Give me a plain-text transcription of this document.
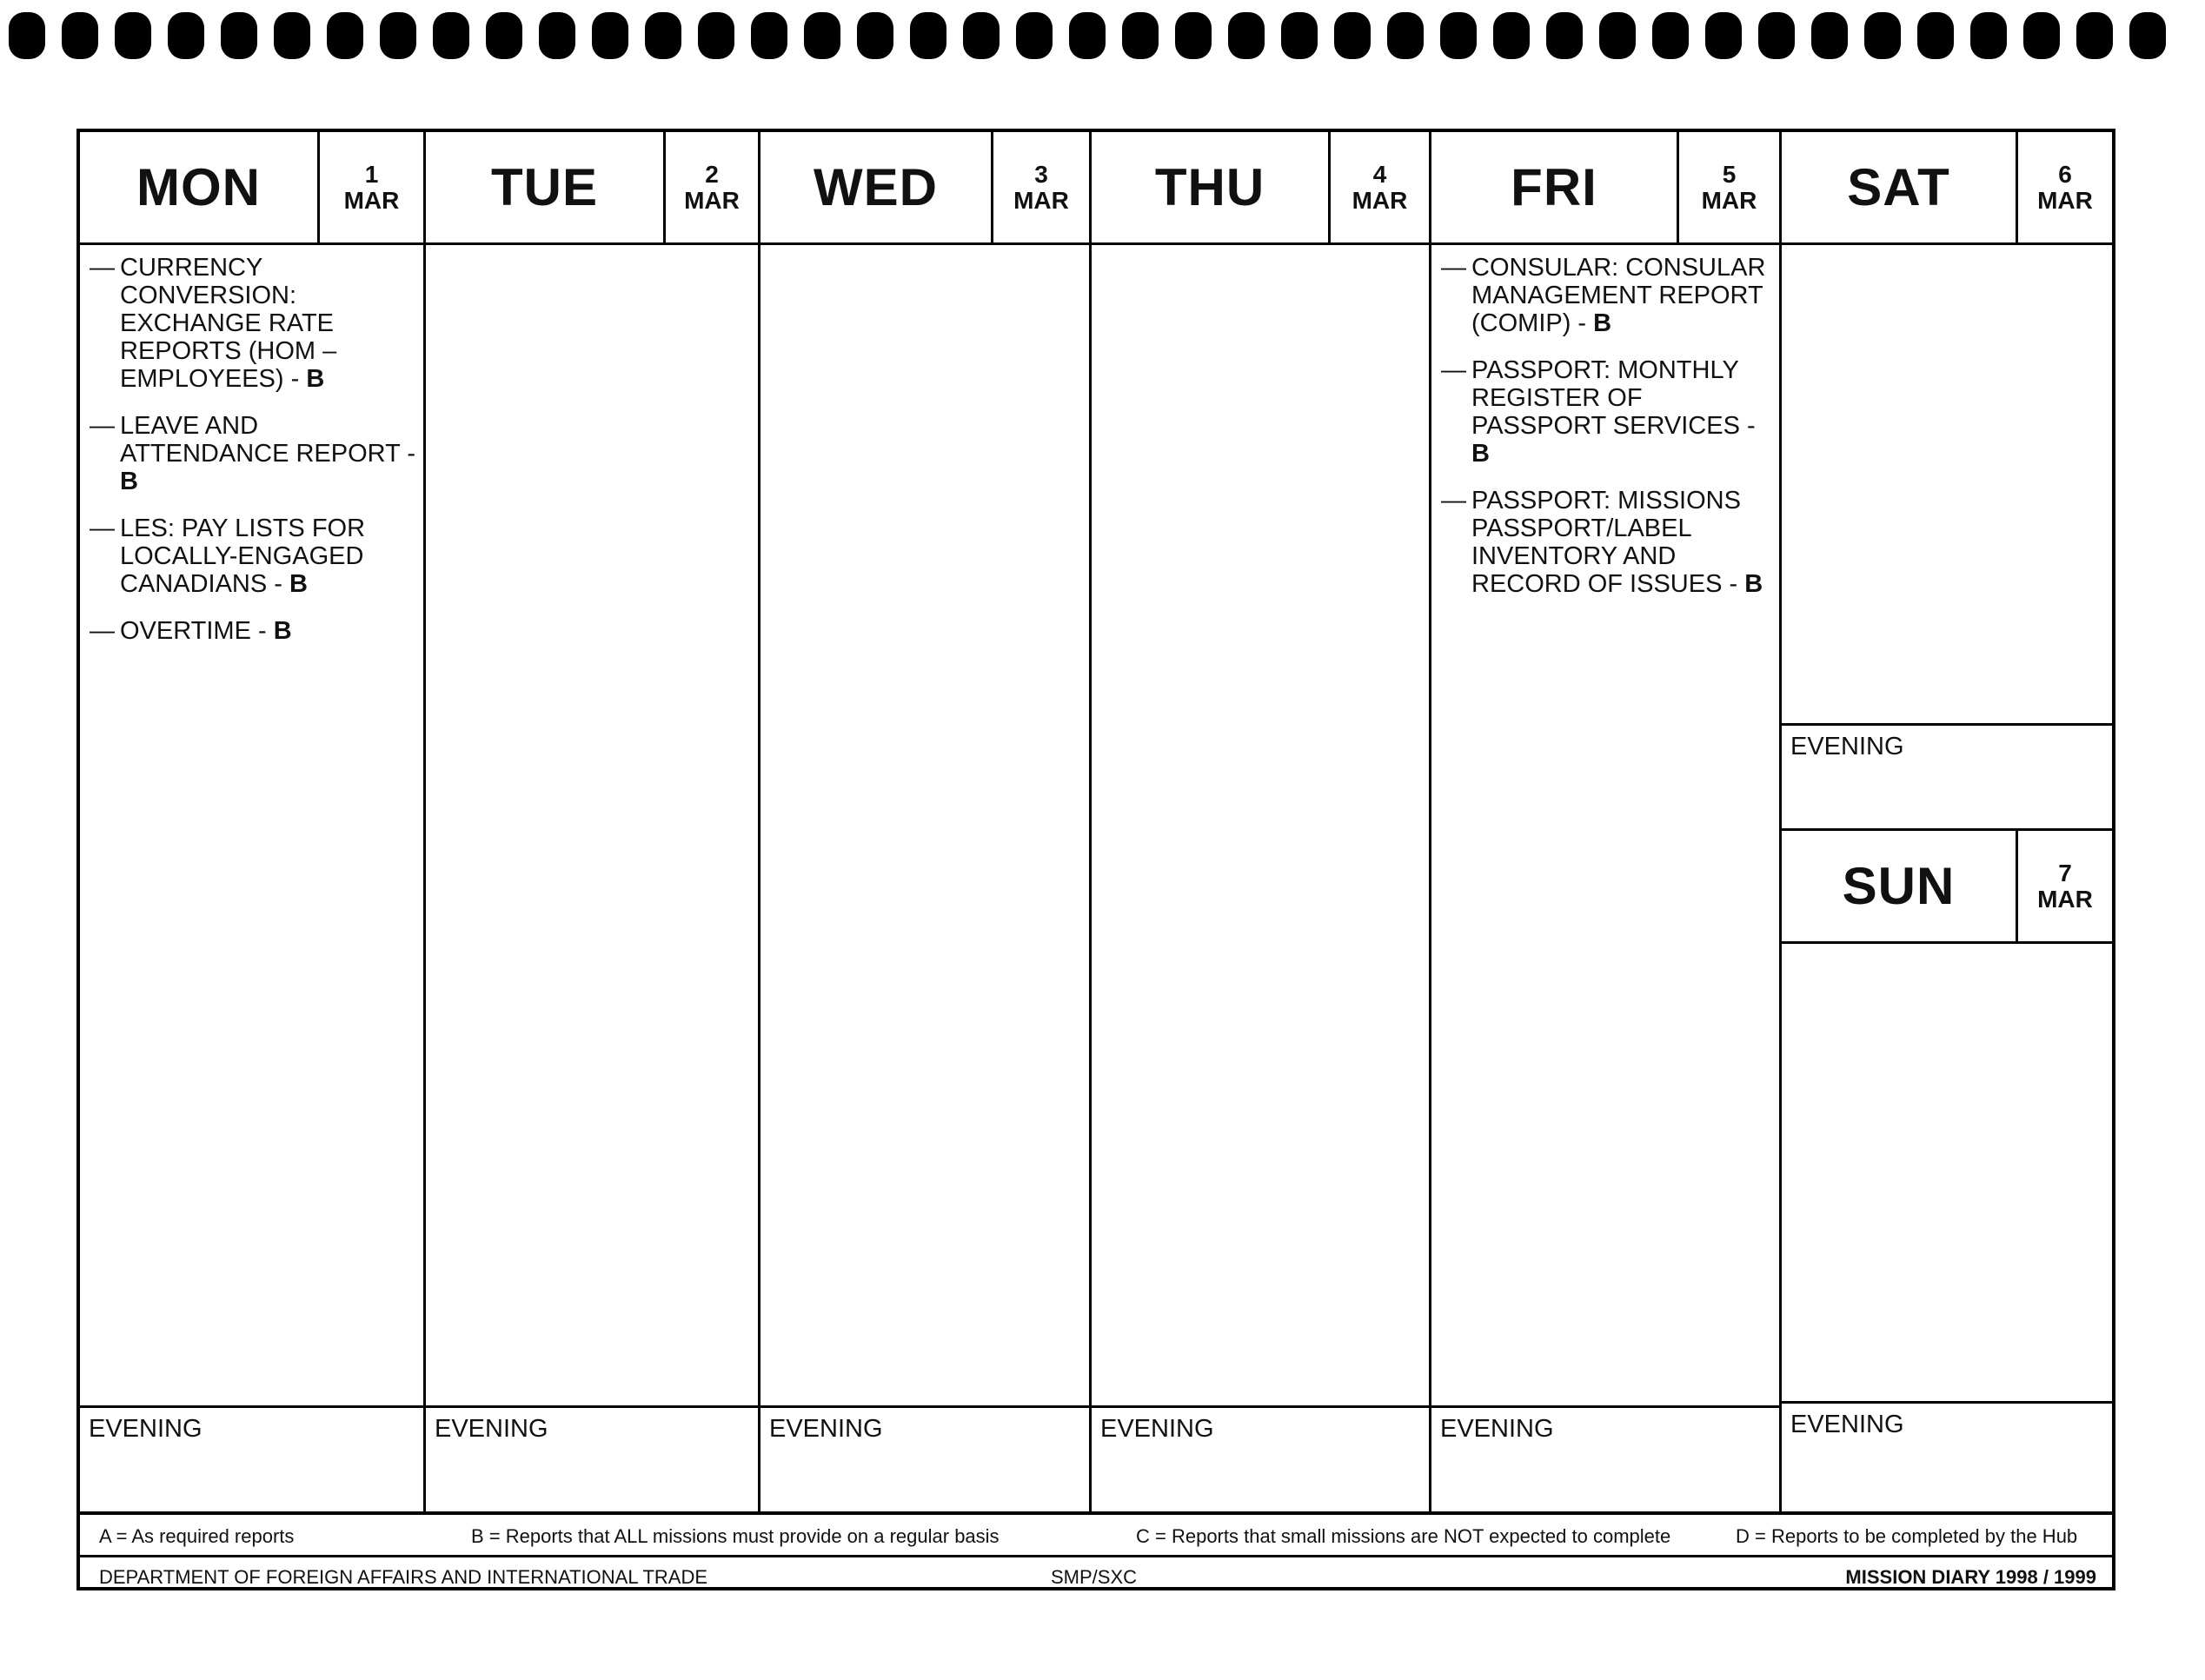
MON	1
MAR
— CURRENCY CONVERSION: EXCHANGE RATE REPORTS (HOM – EMPLOYEES) - B
— LEAVE AND ATTENDANCE REPORT - B
— LES: PAY LISTS FOR LOCALLY-ENGAGED CANADIANS - B
— OVERTIME - B
EVENING
TUE	2
MAR
EVENING
WED	3
MAR
EVENING
THU	4
MAR
EVENING
FRI	5
MAR
— CONSULAR: CONSULAR MANAGEMENT REPORT (COMIP) - B
— PASSPORT: MONTHLY REGISTER OF PASSPORT SERVICES - B
— PASSPORT: MISSIONS PASSPORT/LABEL INVENTORY AND RECORD OF ISSUES - B
EVENING
SAT	6
MAR
EVENING
SUN	7
MAR
EVENING
A = As required reports	B = Reports that ALL missions must provide on a regular basis	C = Reports that small missions are NOT expected to complete	D = Reports to be completed by the Hub
DEPARTMENT OF FOREIGN AFFAIRS AND INTERNATIONAL TRADE	SMP/SXC	MISSION DIARY 1998 / 1999
